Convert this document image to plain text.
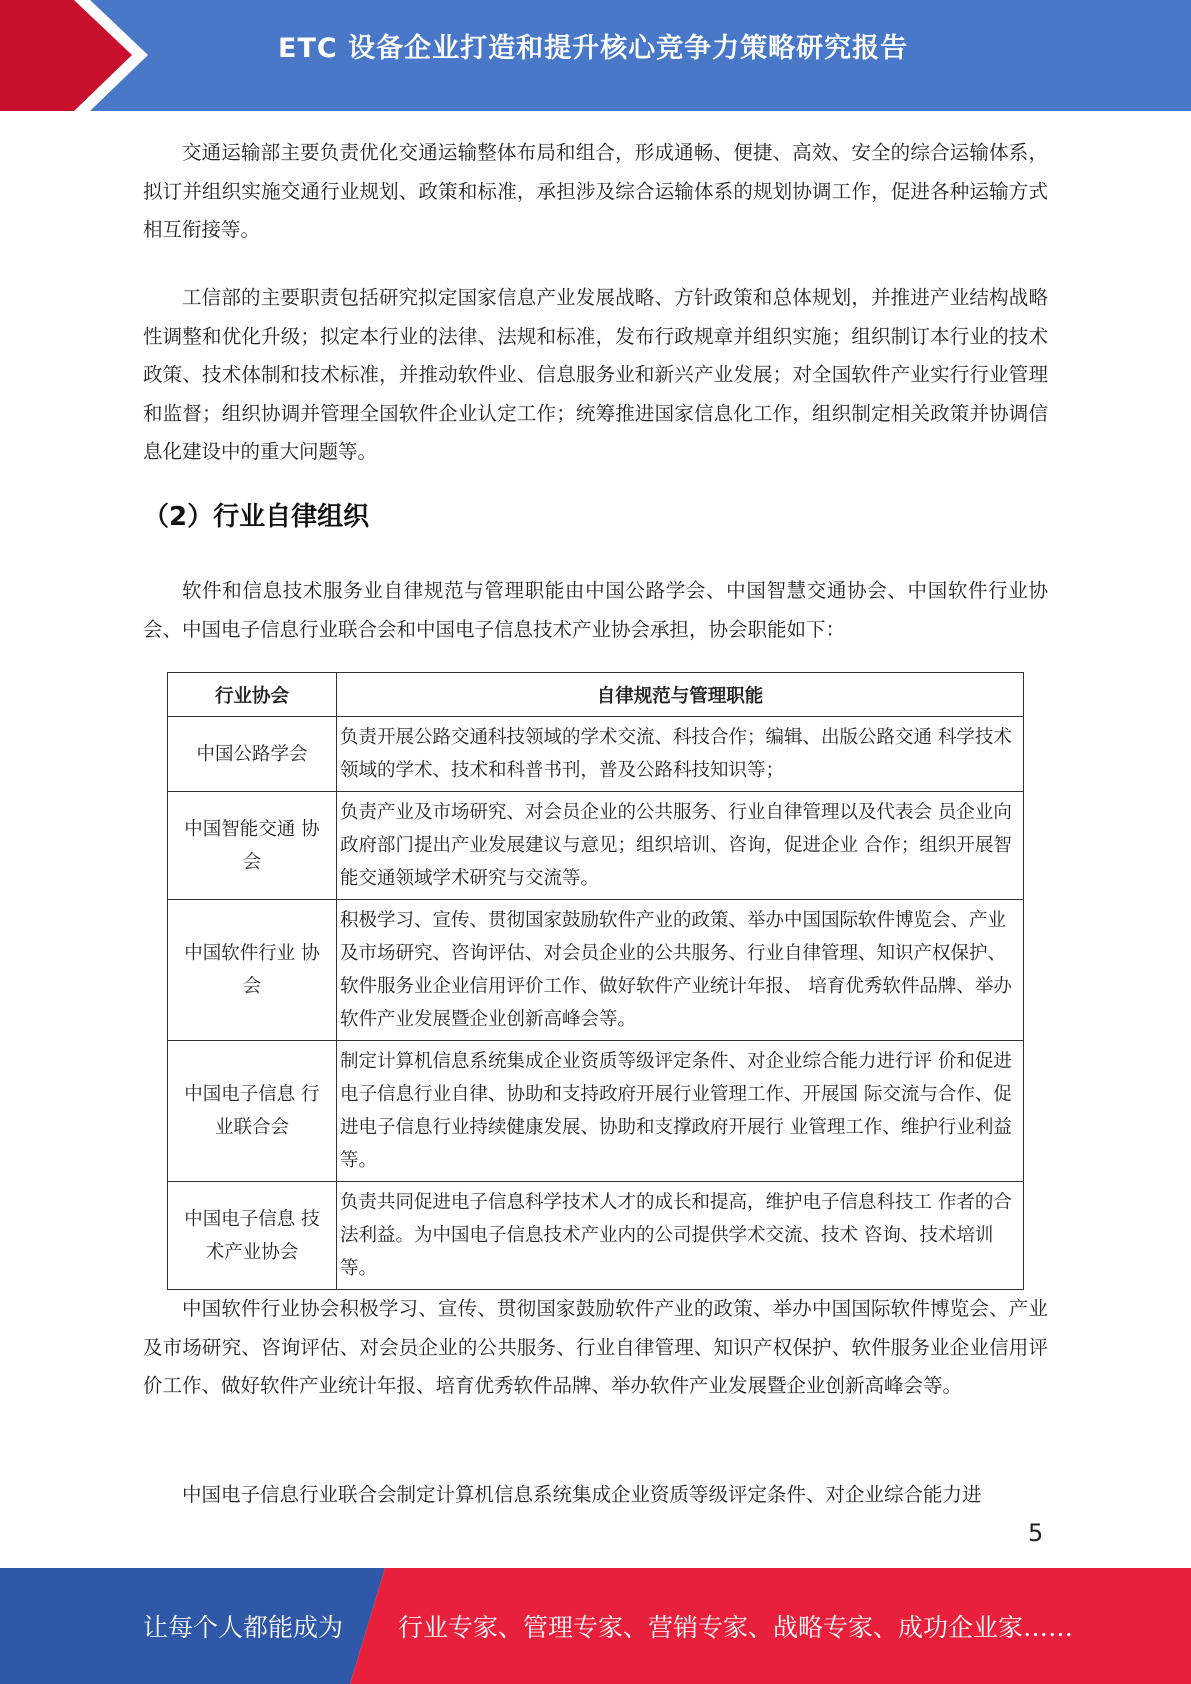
ETC 设备企业打造和提升核心竞争力策略研究报告

交通运输部主要负责优化交通运输整体布局和组合，形成通畅、便捷、高效、安全的综合运输体系，拟订并组织实施交通行业规划、政策和标准，承担涉及综合运输体系的规划协调工作，促进各种运输方式相互衔接等。

工信部的主要职责包括研究拟定国家信息产业发展战略、方针政策和总体规划，并推进产业结构战略性调整和优化升级；拟定本行业的法律、法规和标准，发布行政规章并组织实施；组织制订本行业的技术政策、技术体制和技术标准，并推动软件业、信息服务业和新兴产业发展；对全国软件产业实行行业管理和监督；组织协调并管理全国软件企业认定工作；统筹推进国家信息化工作，组织制定相关政策并协调信息化建设中的重大问题等。

（2）行业自律组织

软件和信息技术服务业自律规范与管理职能由中国公路学会、中国智慧交通协会、中国软件行业协会、中国电子信息行业联合会和中国电子信息技术产业协会承担，协会职能如下：

行业协会	自律规范与管理职能
中国公路学会	负责开展公路交通科技领域的学术交流、科技合作；编辑、出版公路交通 科学技术领域的学术、技术和科普书刊，普及公路科技知识等；
中国智能交通 协会	负责产业及市场研究、对会员企业的公共服务、行业自律管理以及代表会 员企业向政府部门提出产业发展建议与意见；组织培训、咨询，促进企业 合作；组织开展智能交通领域学术研究与交流等。
中国软件行业 协会	积极学习、宣传、贯彻国家鼓励软件产业的政策、举办中国国际软件博览会、产业及市场研究、咨询评估、对会员企业的公共服务、行业自律管理、知识产权保护、软件服务业企业信用评价工作、做好软件产业统计年报、 培育优秀软件品牌、举办软件产业发展暨企业创新高峰会等。
中国电子信息 行业联合会	制定计算机信息系统集成企业资质等级评定条件、对企业综合能力进行评 价和促进电子信息行业自律、协助和支持政府开展行业管理工作、开展国 际交流与合作、促进电子信息行业持续健康发展、协助和支撑政府开展行 业管理工作、维护行业利益等。
中国电子信息 技术产业协会	负责共同促进电子信息科学技术人才的成长和提高，维护电子信息科技工 作者的合法利益。为中国电子信息技术产业内的公司提供学术交流、技术 咨询、技术培训等。

中国软件行业协会积极学习、宣传、贯彻国家鼓励软件产业的政策、举办中国国际软件博览会、产业及市场研究、咨询评估、对会员企业的公共服务、行业自律管理、知识产权保护、软件服务业企业信用评价工作、做好软件产业统计年报、培育优秀软件品牌、举办软件产业发展暨企业创新高峰会等。

中国电子信息行业联合会制定计算机信息系统集成企业资质等级评定条件、对企业综合能力进

5
让每个人都能成为 行业专家、管理专家、营销专家、战略专家、成功企业家……
